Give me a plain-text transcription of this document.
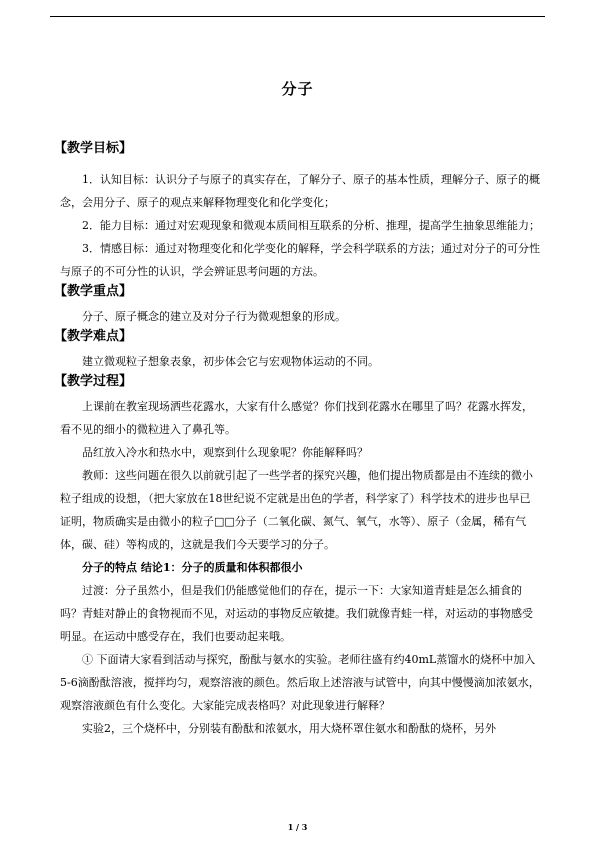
分子
【教学目标】

1．认知目标：认识分子与原子的真实存在，了解分子、原子的基本性质，理解分子、原子的概念，会用分子、原子的观点来解释物理变化和化学变化；

2．能力目标：通过对宏观现象和微观本质间相互联系的分析、推理，提高学生抽象思维能力；

3．情感目标：通过对物理变化和化学变化的解释，学会科学联系的方法；通过对分子的可分性与原子的不可分性的认识，学会辨证思考问题的方法。

【教学重点】

分子、原子概念的建立及对分子行为微观想象的形成。

【教学难点】

建立微观粒子想象表象，初步体会它与宏观物体运动的不同。

【教学过程】

上课前在教室现场洒些花露水，大家有什么感觉？你们找到花露水在哪里了吗？花露水挥发，看不见的细小的微粒进入了鼻孔等。

品红放入冷水和热水中，观察到什么现象呢？你能解释吗？

教师：这些问题在很久以前就引起了一些学者的探究兴趣，他们提出物质都是由不连续的微小粒子组成的设想，（把大家放在18世纪说不定就是出色的学者，科学家了）科学技术的进步也早已证明，物质确实是由微小的粒子□□分子（二氧化碳、氮气、氧气，水等）、原子（金属，稀有气体，碳、硅）等构成的，这就是我们今天要学习的分子。

分子的特点 结论1：分子的质量和体积都很小

过渡：分子虽然小，但是我们仍能感觉他们的存在，提示一下：大家知道青蛙是怎么捕食的吗？青蛙对静止的食物视而不见，对运动的事物反应敏捷。我们就像青蛙一样，对运动的事物感受明显。在运动中感受存在，我们也要动起来哦。

① 下面请大家看到活动与探究，酚酞与氨水的实验。老师往盛有约40mL蒸馏水的烧杯中加入5-6滴酚酞溶液，搅拌均匀，观察溶液的颜色。然后取上述溶液与试管中，向其中慢慢滴加浓氨水，观察溶液颜色有什么变化。大家能完成表格吗？对此现象进行解释？

实验2，三个烧杯中，分别装有酚酞和浓氨水，用大烧杯罩住氨水和酚酞的烧杯，另外

1 / 3
